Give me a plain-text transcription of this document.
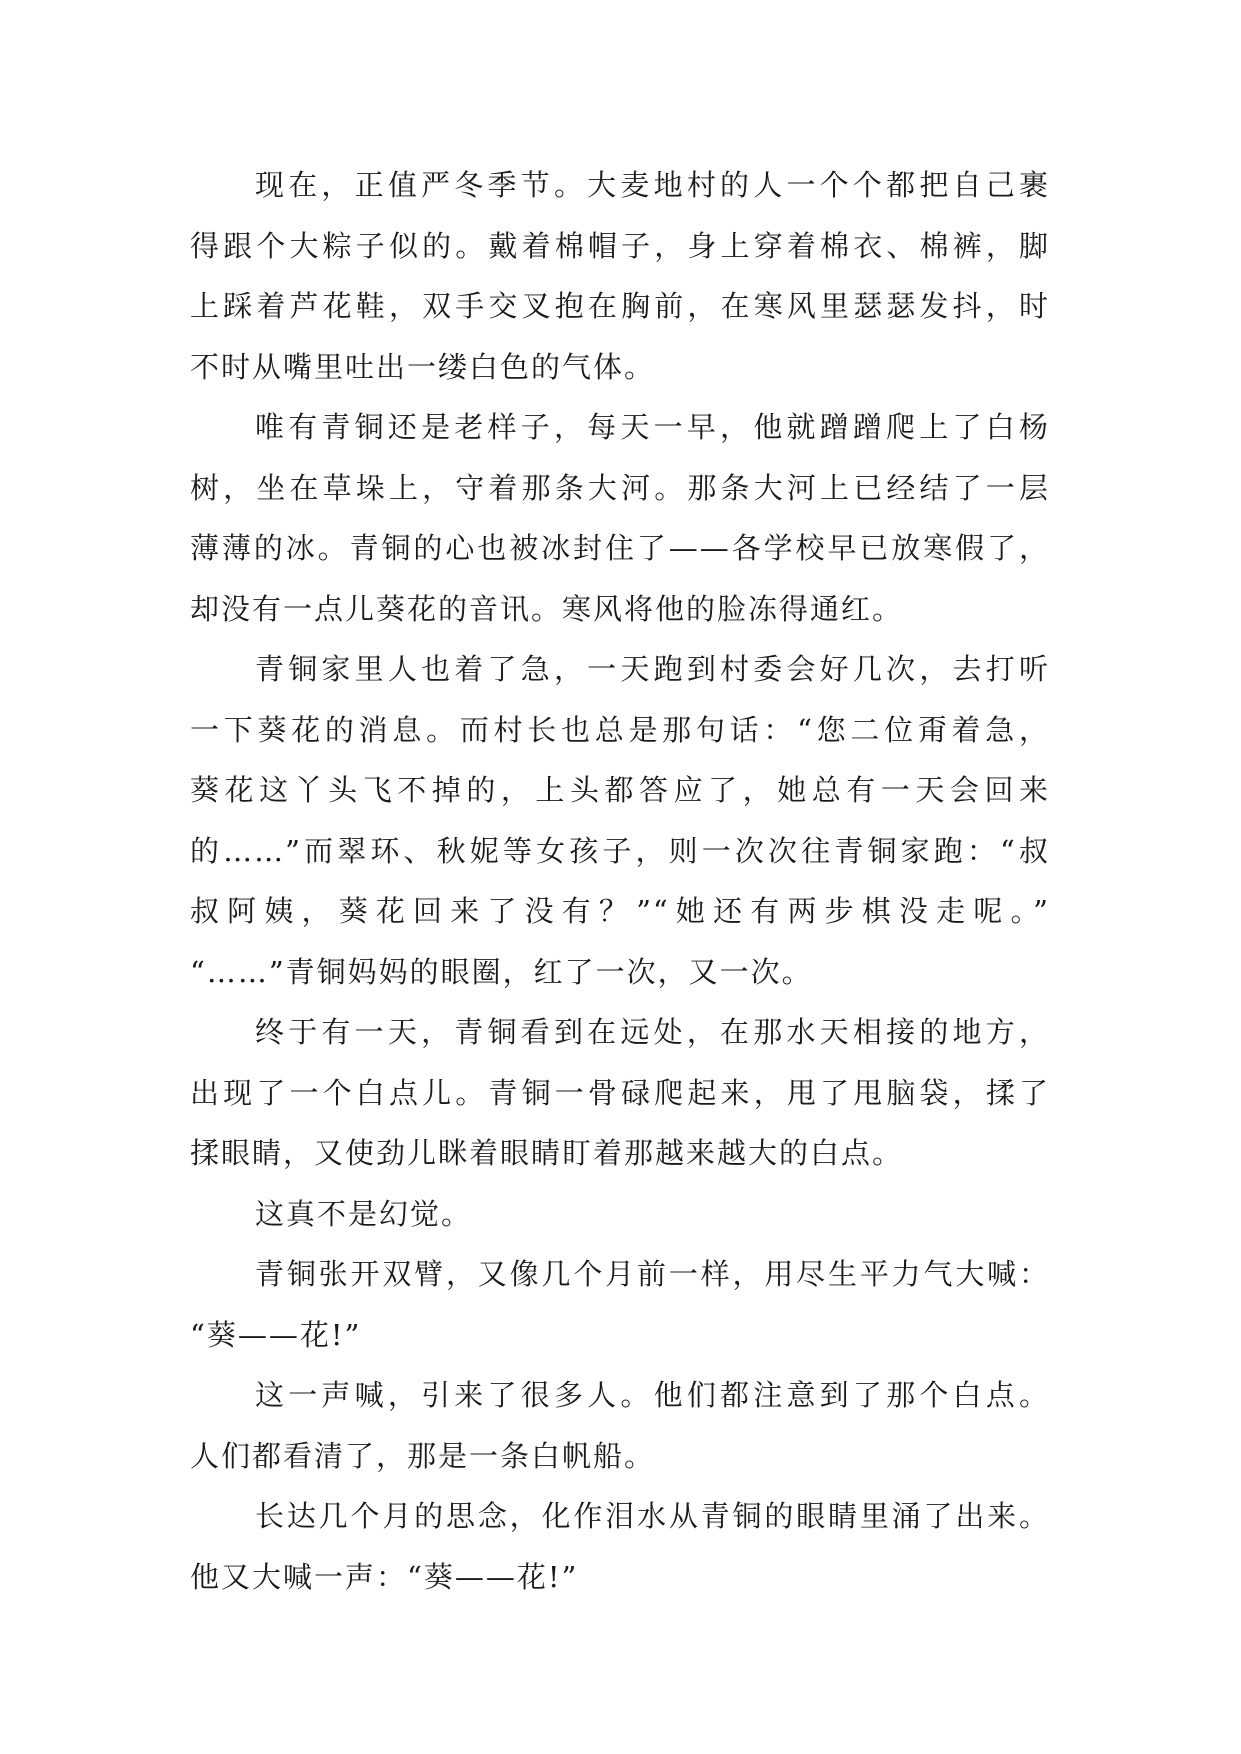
现在，正值严冬季节。大麦地村的人一个个都把自己裹
得跟个大粽子似的。戴着棉帽子，身上穿着棉衣、棉裤，脚
上踩着芦花鞋，双手交叉抱在胸前，在寒风里瑟瑟发抖，时
不时从嘴里吐出一缕白色的气体。
唯有青铜还是老样子，每天一早，他就蹭蹭爬上了白杨
树，坐在草垛上，守着那条大河。那条大河上已经结了一层
薄薄的冰。青铜的心也被冰封住了——各学校早已放寒假了，
却没有一点儿葵花的音讯。寒风将他的脸冻得通红。
青铜家里人也着了急，一天跑到村委会好几次，去打听
一下葵花的消息。而村长也总是那句话：“您二位甭着急，
葵花这丫头飞不掉的，上头都答应了，她总有一天会回来
的……”而翠环、秋妮等女孩子，则一次次往青铜家跑：“叔
叔阿姨，葵花回来了没有？”“她还有两步棋没走呢。”
“……”青铜妈妈的眼圈，红了一次，又一次。
终于有一天，青铜看到在远处，在那水天相接的地方，
出现了一个白点儿。青铜一骨碌爬起来，甩了甩脑袋，揉了
揉眼睛，又使劲儿眯着眼睛盯着那越来越大的白点。
这真不是幻觉。
青铜张开双臂，又像几个月前一样，用尽生平力气大喊：
“葵——花!”
这一声喊，引来了很多人。他们都注意到了那个白点。
人们都看清了，那是一条白帆船。
长达几个月的思念，化作泪水从青铜的眼睛里涌了出来。
他又大喊一声：“葵——花!”
